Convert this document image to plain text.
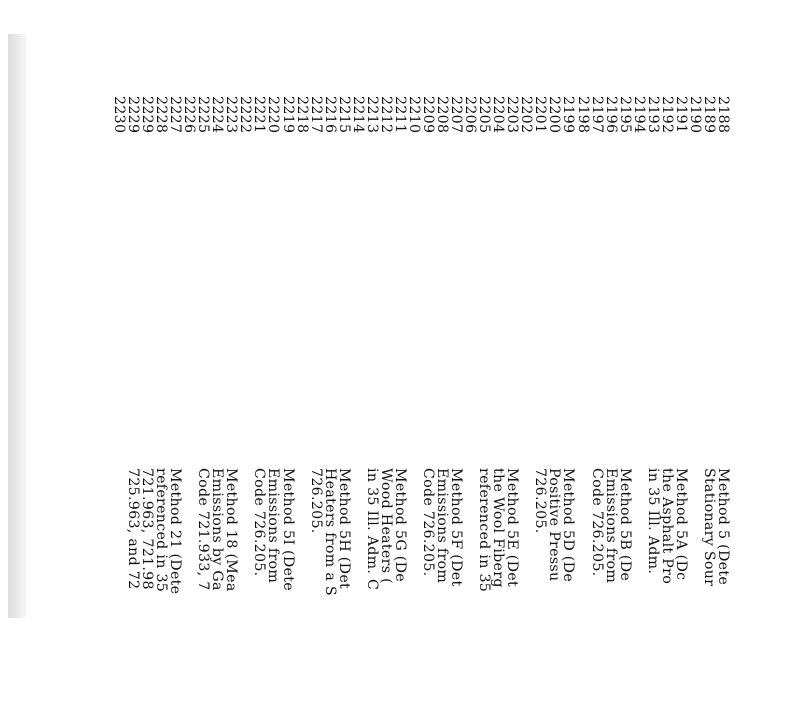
2188
2189
2190
2191
2192
2193
2194
2195
2196
2197
2198
2199
2200
2201
2202
2203
2204
2205
2206
2207
2208
2209
2210
2211
2212
2213
2214
2215
2216
2217
2218
2219
2220
2221
2222
2223
2224
2225
2226
2227
2228
2229
2229
2230
Method 5 (Dete
Stationary Sour
Method 5A (Dc
the Asphalt Pro
in 35 Ill. Adm.
Method 5B (De
Emissions from
Code 726.205.
Method 5D (De
Positive Pressu
726.205.
Method 5E (Det
the Wool Fiberg
referenced in 35
Method 5F (Det
Emissions from
Code 726.205.
Method 5G (De
Wood Heaters (
in 35 Ill. Adm. C
Method 5H (Det
Heaters from a S
726.205.
Method 5I (Dete
Emissions from
Code 726.205.
Method 18 (Mea
Emissions by Ga
Code 721.933, 7
Method 21 (Dete
referenced in 35
721.963, 721.98
725.963, and 72
